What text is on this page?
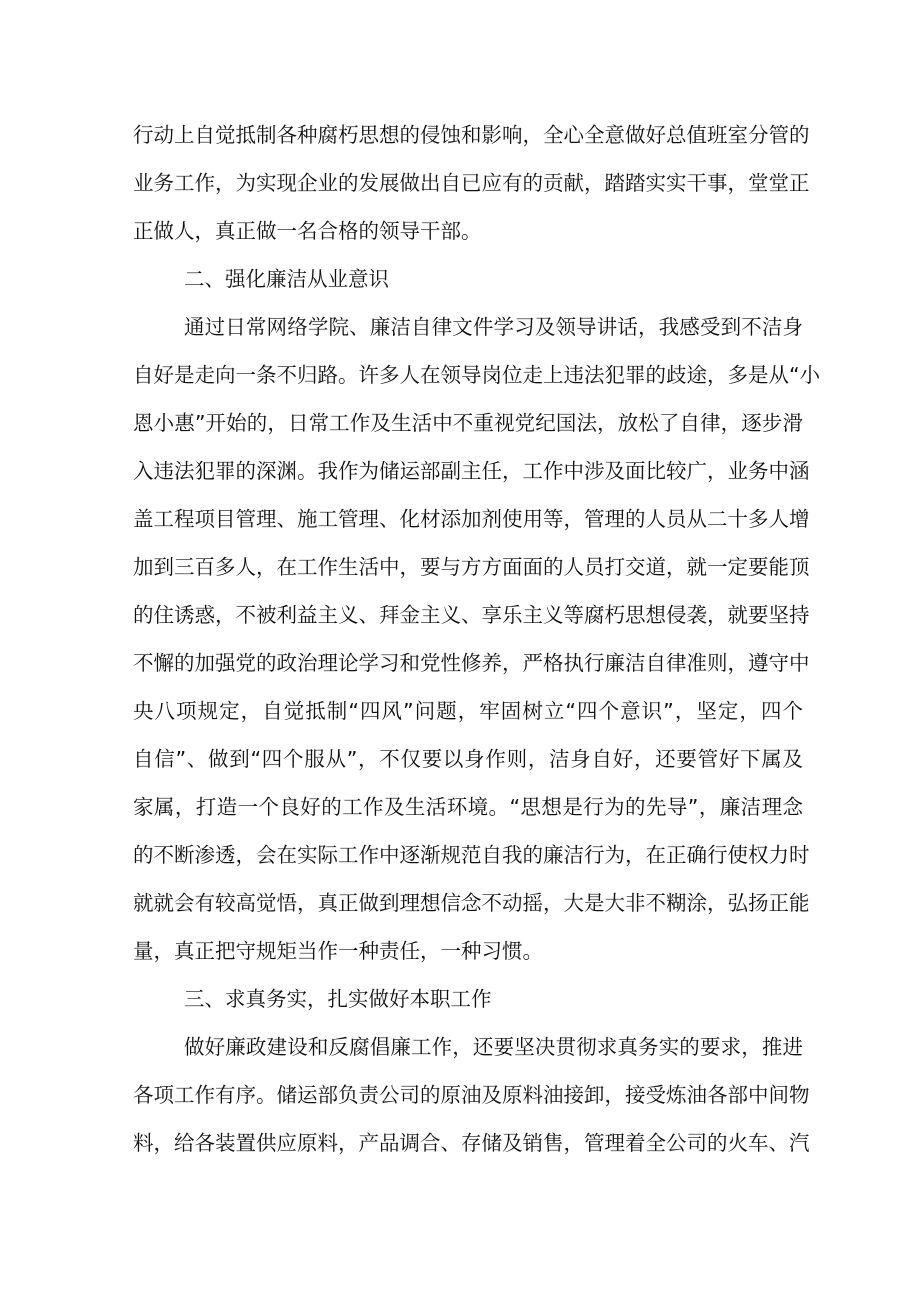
行动上自觉抵制各种腐朽思想的侵蚀和影响，全心全意做好总值班室分管的
业务工作，为实现企业的发展做出自已应有的贡献，踏踏实实干事，堂堂正
正做人，真正做一名合格的领导干部。
二、强化廉洁从业意识
通过日常网络学院、廉洁自律文件学习及领导讲话，我感受到不洁身
自好是走向一条不归路。许多人在领导岗位走上违法犯罪的歧途，多是从“小
恩小惠”开始的，日常工作及生活中不重视党纪国法，放松了自律，逐步滑
入违法犯罪的深渊。我作为储运部副主任，工作中涉及面比较广，业务中涵
盖工程项目管理、施工管理、化材添加剂使用等，管理的人员从二十多人增
加到三百多人，在工作生活中，要与方方面面的人员打交道，就一定要能顶
的住诱惑，不被利益主义、拜金主义、享乐主义等腐朽思想侵袭，就要坚持
不懈的加强党的政治理论学习和党性修养，严格执行廉洁自律准则，遵守中
央八项规定，自觉抵制“四风”问题，牢固树立“四个意识”，坚定，四个
自信”、做到“四个服从”，不仅要以身作则，洁身自好，还要管好下属及
家属，打造一个良好的工作及生活环境。“思想是行为的先导”，廉洁理念
的不断渗透，会在实际工作中逐渐规范自我的廉洁行为，在正确行使权力时
就就会有较高觉悟，真正做到理想信念不动摇，大是大非不糊涂，弘扬正能
量，真正把守规矩当作一种责任，一种习惯。
三、求真务实，扎实做好本职工作
做好廉政建设和反腐倡廉工作，还要坚决贯彻求真务实的要求，推进
各项工作有序。储运部负责公司的原油及原料油接卸，接受炼油各部中间物
料，给各装置供应原料，产品调合、存储及销售，管理着全公司的火车、汽
